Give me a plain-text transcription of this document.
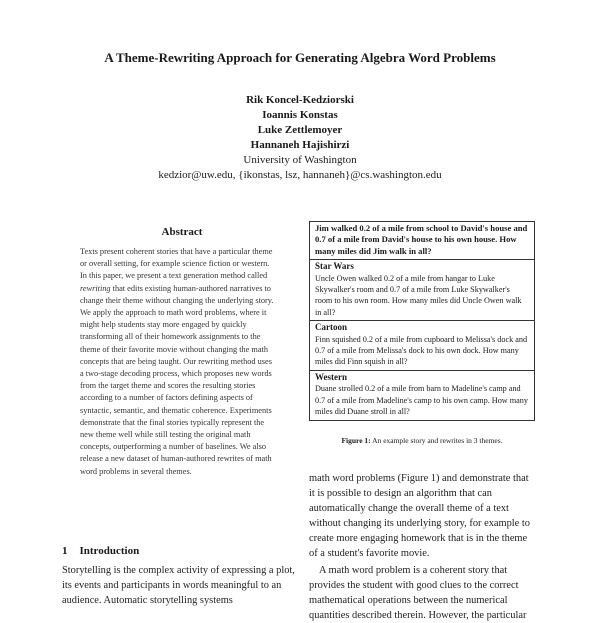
A Theme-Rewriting Approach for Generating Algebra Word Problems
Rik Koncel-Kedziorski
Ioannis Konstas
Luke Zettlemoyer
Hannaneh Hajishirzi
University of Washington
kedzior@uw.edu, {ikonstas, lsz, hannaneh}@cs.washington.edu
Abstract

Texts present coherent stories that have a particular theme or overall setting, for example science fiction or western. In this paper, we present a text generation method called rewriting that edits existing human-authored narratives to change their theme without changing the underlying story. We apply the approach to math word problems, where it might help students stay more engaged by quickly transforming all of their homework assignments to the theme of their favorite movie without changing the math concepts that are being taught. Our rewriting method uses a two-stage decoding process, which proposes new words from the target theme and scores the resulting stories according to a number of factors defining aspects of syntactic, semantic, and thematic coherence. Experiments demonstrate that the final stories typically represent the new theme well while still testing the original math concepts, outperforming a number of baselines. We also release a new dataset of human-authored rewrites of math word problems in several themes.

1 Introduction

Storytelling is the complex activity of expressing a plot, its events and participants in words meaningful to an audience. Automatic storytelling systems

Jim walked 0.2 of a mile from school to David's house and 0.7 of a mile from David's house to his own house. How many miles did Jim walk in all?
Star Wars
Uncle Owen walked 0.2 of a mile from hangar to Luke Skywalker's room and 0.7 of a mile from Luke Skywalker's room to his own room. How many miles did Uncle Owen walk in all?
Cartoon
Finn squished 0.2 of a mile from cupboard to Melissa's dock and 0.7 of a mile from Melissa's dock to his own dock. How many miles did Finn squish in all?
Western
Duane strolled 0.2 of a mile from barn to Madeline's camp and 0.7 of a mile from Madeline's camp to his own camp. How many miles did Duane stroll in all?
Figure 1: An example story and rewrites in 3 themes.

math word problems (Figure 1) and demonstrate that it is possible to design an algorithm that can automatically change the overall theme of a text without changing its underlying story, for example to create more engaging homework that is in the theme of a student's favorite movie.

A math word problem is a coherent story that provides the student with good clues to the correct mathematical operations between the numerical quantities described therein. However, the particular
